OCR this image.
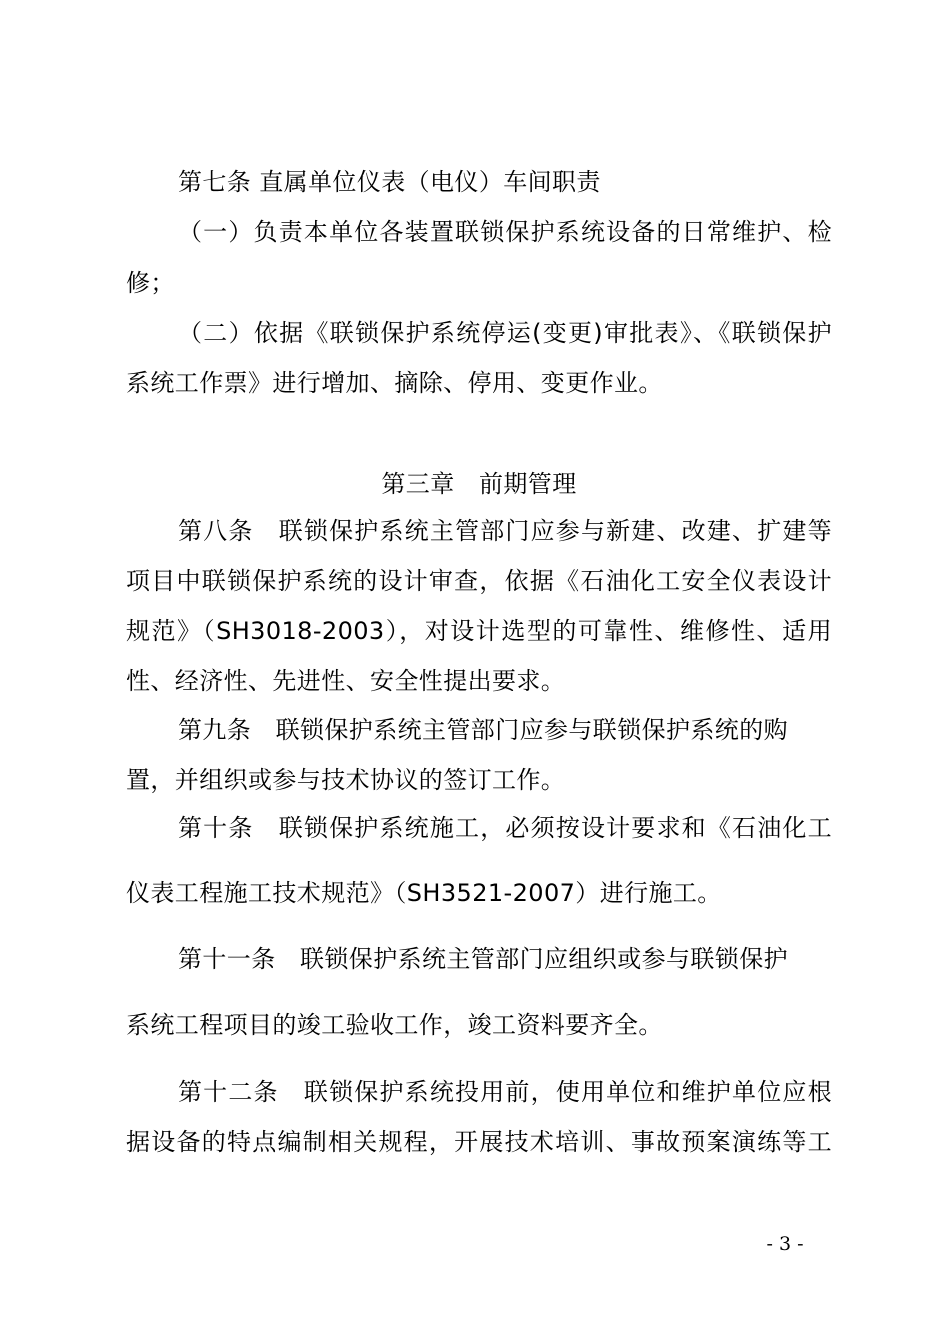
第七条 直属单位仪表（电仪）车间职责
（一）负责本单位各装置联锁保护系统设备的日常维护、检
修；
（二）依据《联锁保护系统停运(变更)审批表》、《联锁保护
系统工作票》进行增加、摘除、停用、变更作业。
第三章　前期管理
第八条　联锁保护系统主管部门应参与新建、改建、扩建等
项目中联锁保护系统的设计审查，依据《石油化工安全仪表设计
规范》（SH3018-2003），对设计选型的可靠性、维修性、适用
性、经济性、先进性、安全性提出要求。
第九条　联锁保护系统主管部门应参与联锁保护系统的购
置，并组织或参与技术协议的签订工作。
第十条　联锁保护系统施工，必须按设计要求和《石油化工
仪表工程施工技术规范》（SH3521-2007）进行施工。
第十一条　联锁保护系统主管部门应组织或参与联锁保护
系统工程项目的竣工验收工作，竣工资料要齐全。
第十二条　联锁保护系统投用前，使用单位和维护单位应根
据设备的特点编制相关规程，开展技术培训、事故预案演练等工
- 3 -
